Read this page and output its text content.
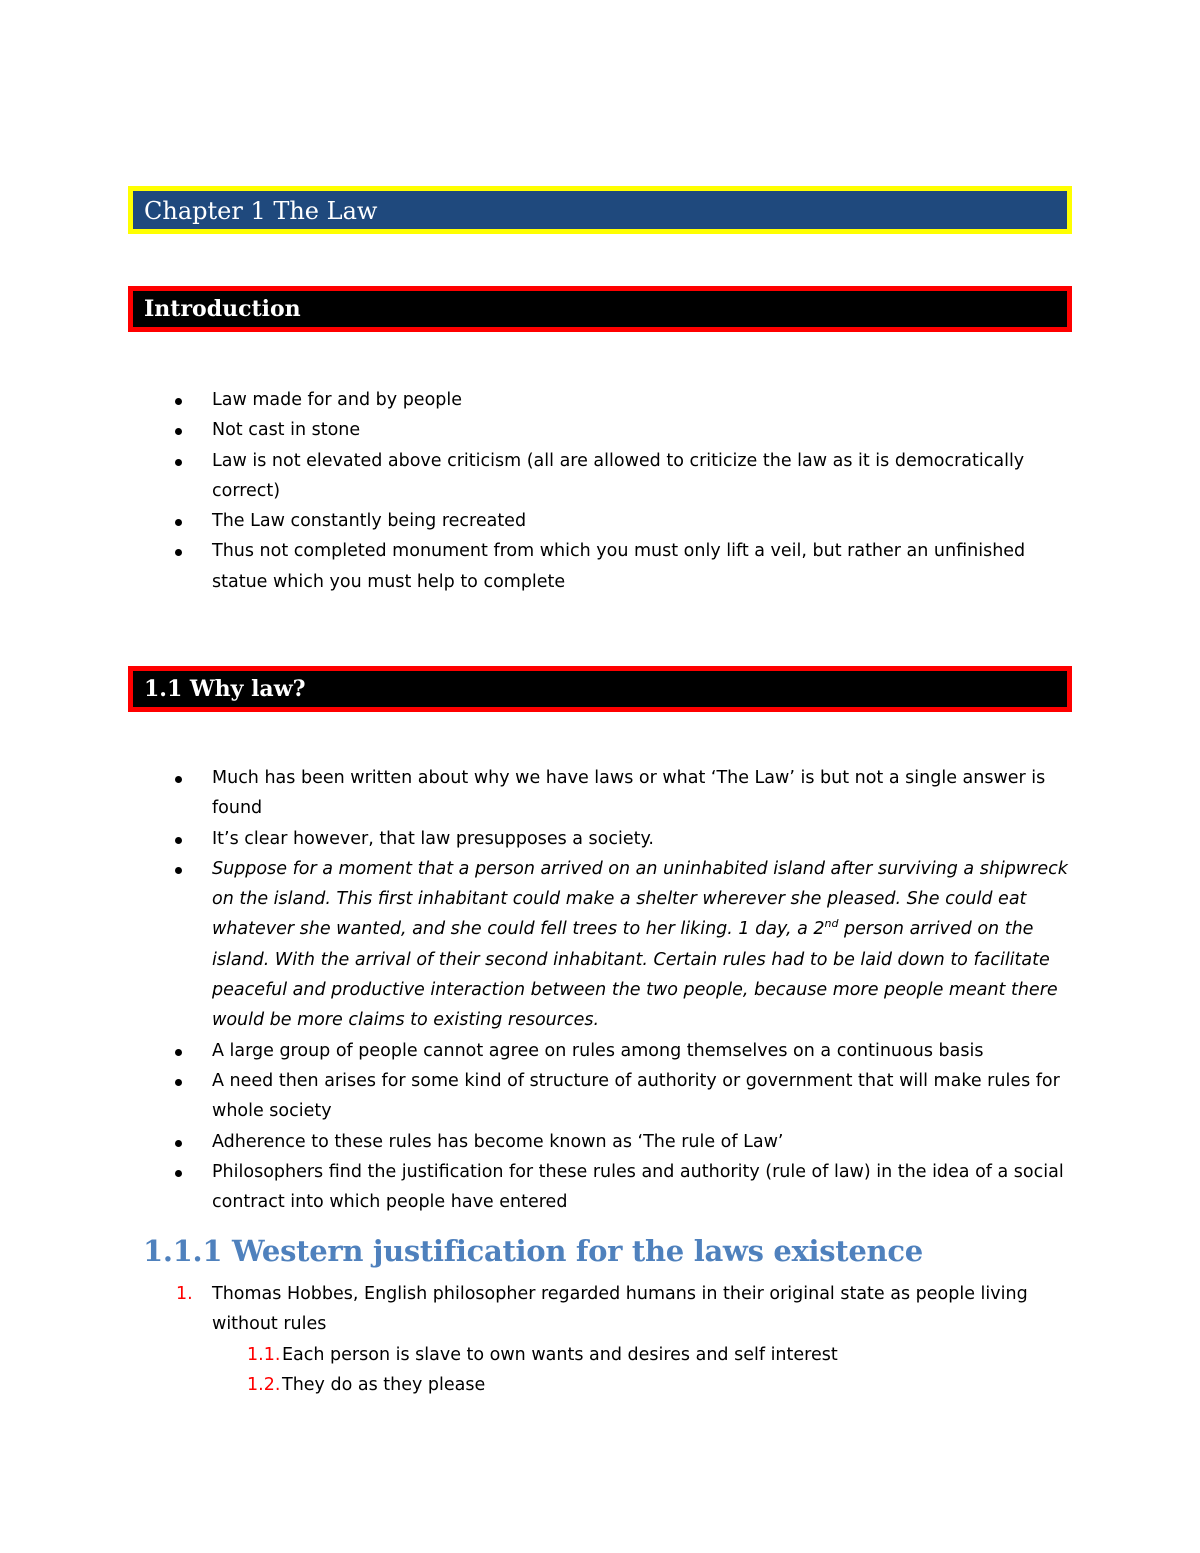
Chapter 1 The Law
Introduction
Law made for and by people
Not cast in stone
Law is not elevated above criticism (all are allowed to criticize the law as it is democratically correct)
The Law constantly being recreated
Thus not completed monument from which you must only lift a veil, but rather an unfinished statue which you must help to complete
1.1 Why law?
Much has been written about why we have laws or what ‘The Law’ is but not a single answer is found
It’s clear however, that law presupposes a society.
Suppose for a moment that a person arrived on an uninhabited island after surviving a shipwreck on the island. This first inhabitant could make a shelter wherever she pleased. She could eat whatever she wanted, and she could fell trees to her liking. 1 day, a 2nd person arrived on the island. With the arrival of their second inhabitant. Certain rules had to be laid down to facilitate peaceful and productive interaction between the two people, because more people meant there would be more claims to existing resources.
A large group of people cannot agree on rules among themselves on a continuous basis
A need then arises for some kind of structure of authority or government that will make rules for whole society
Adherence to these rules has become known as ‘The rule of Law’
Philosophers find the justification for these rules and authority (rule of law) in the idea of a social contract into which people have entered
1.1.1 Western justification for the laws existence
1. Thomas Hobbes, English philosopher regarded humans in their original state as people living without rules
1.1. Each person is slave to own wants and desires and self interest
1.2. They do as they please
